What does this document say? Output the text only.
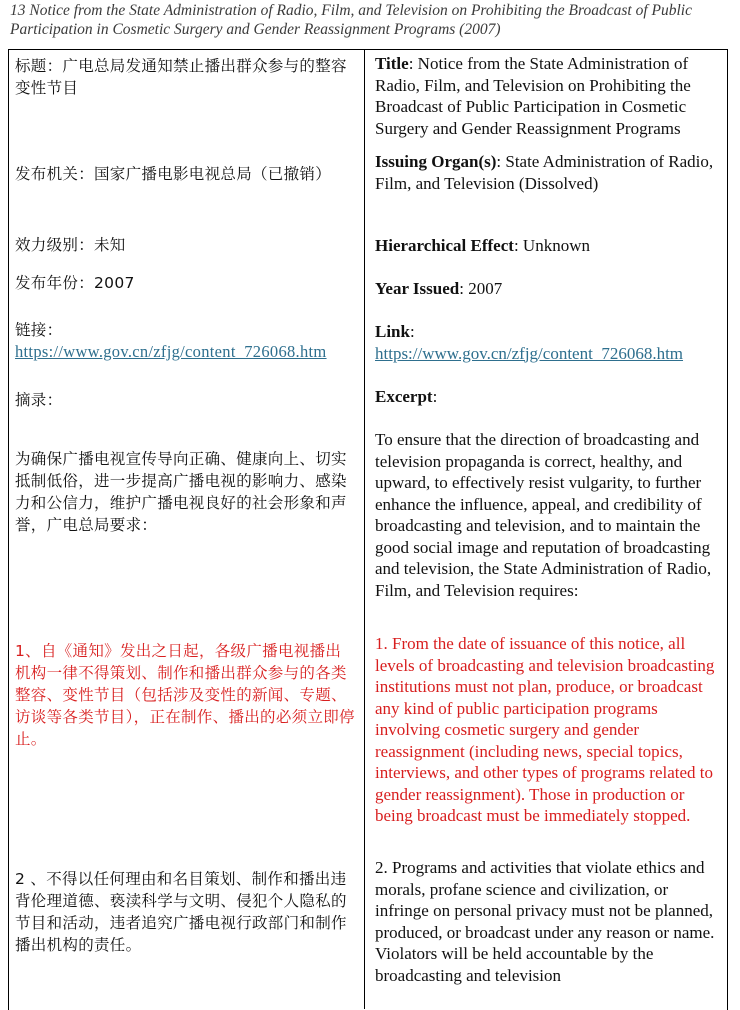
13 Notice from the State Administration of Radio, Film, and Television on Prohibiting the Broadcast of Public Participation in Cosmetic Surgery and Gender Reassignment Programs (2007)
标题：广电总局发通知禁止播出群众参与的整容变性节目
发布机关：国家广播电影电视总局（已撤销）
效力级别：未知
发布年份：2007
链接：
https://www.gov.cn/zfjg/content_726068.htm
摘录：
为确保广播电视宣传导向正确、健康向上、切实抵制低俗，进一步提高广播电视的影响力、感染力和公信力，维护广播电视良好的社会形象和声誉，广电总局要求：
1、自《通知》发出之日起，各级广播电视播出机构一律不得策划、制作和播出群众参与的各类整容、变性节目（包括涉及变性的新闻、专题、访谈等各类节目），正在制作、播出的必须立即停止。
2 、不得以任何理由和名目策划、制作和播出违背伦理道德、亵渎科学与文明、侵犯个人隐私的节目和活动，违者追究广播电视行政部门和制作播出机构的责任。
Title: Notice from the State Administration of Radio, Film, and Television on Prohibiting the Broadcast of Public Participation in Cosmetic Surgery and Gender Reassignment Programs
Issuing Organ(s): State Administration of Radio, Film, and Television (Dissolved)
Hierarchical Effect: Unknown
Year Issued: 2007
Link:
https://www.gov.cn/zfjg/content_726068.htm
Excerpt:
To ensure that the direction of broadcasting and television propaganda is correct, healthy, and upward, to effectively resist vulgarity, to further enhance the influence, appeal, and credibility of broadcasting and television, and to maintain the good social image and reputation of broadcasting and television, the State Administration of Radio, Film, and Television requires:
1. From the date of issuance of this notice, all levels of broadcasting and television broadcasting institutions must not plan, produce, or broadcast any kind of public participation programs involving cosmetic surgery and gender reassignment (including news, special topics, interviews, and other types of programs related to gender reassignment). Those in production or being broadcast must be immediately stopped.
2. Programs and activities that violate ethics and morals, profane science and civilization, or infringe on personal privacy must not be planned, produced, or broadcast under any reason or name. Violators will be held accountable by the broadcasting and television
